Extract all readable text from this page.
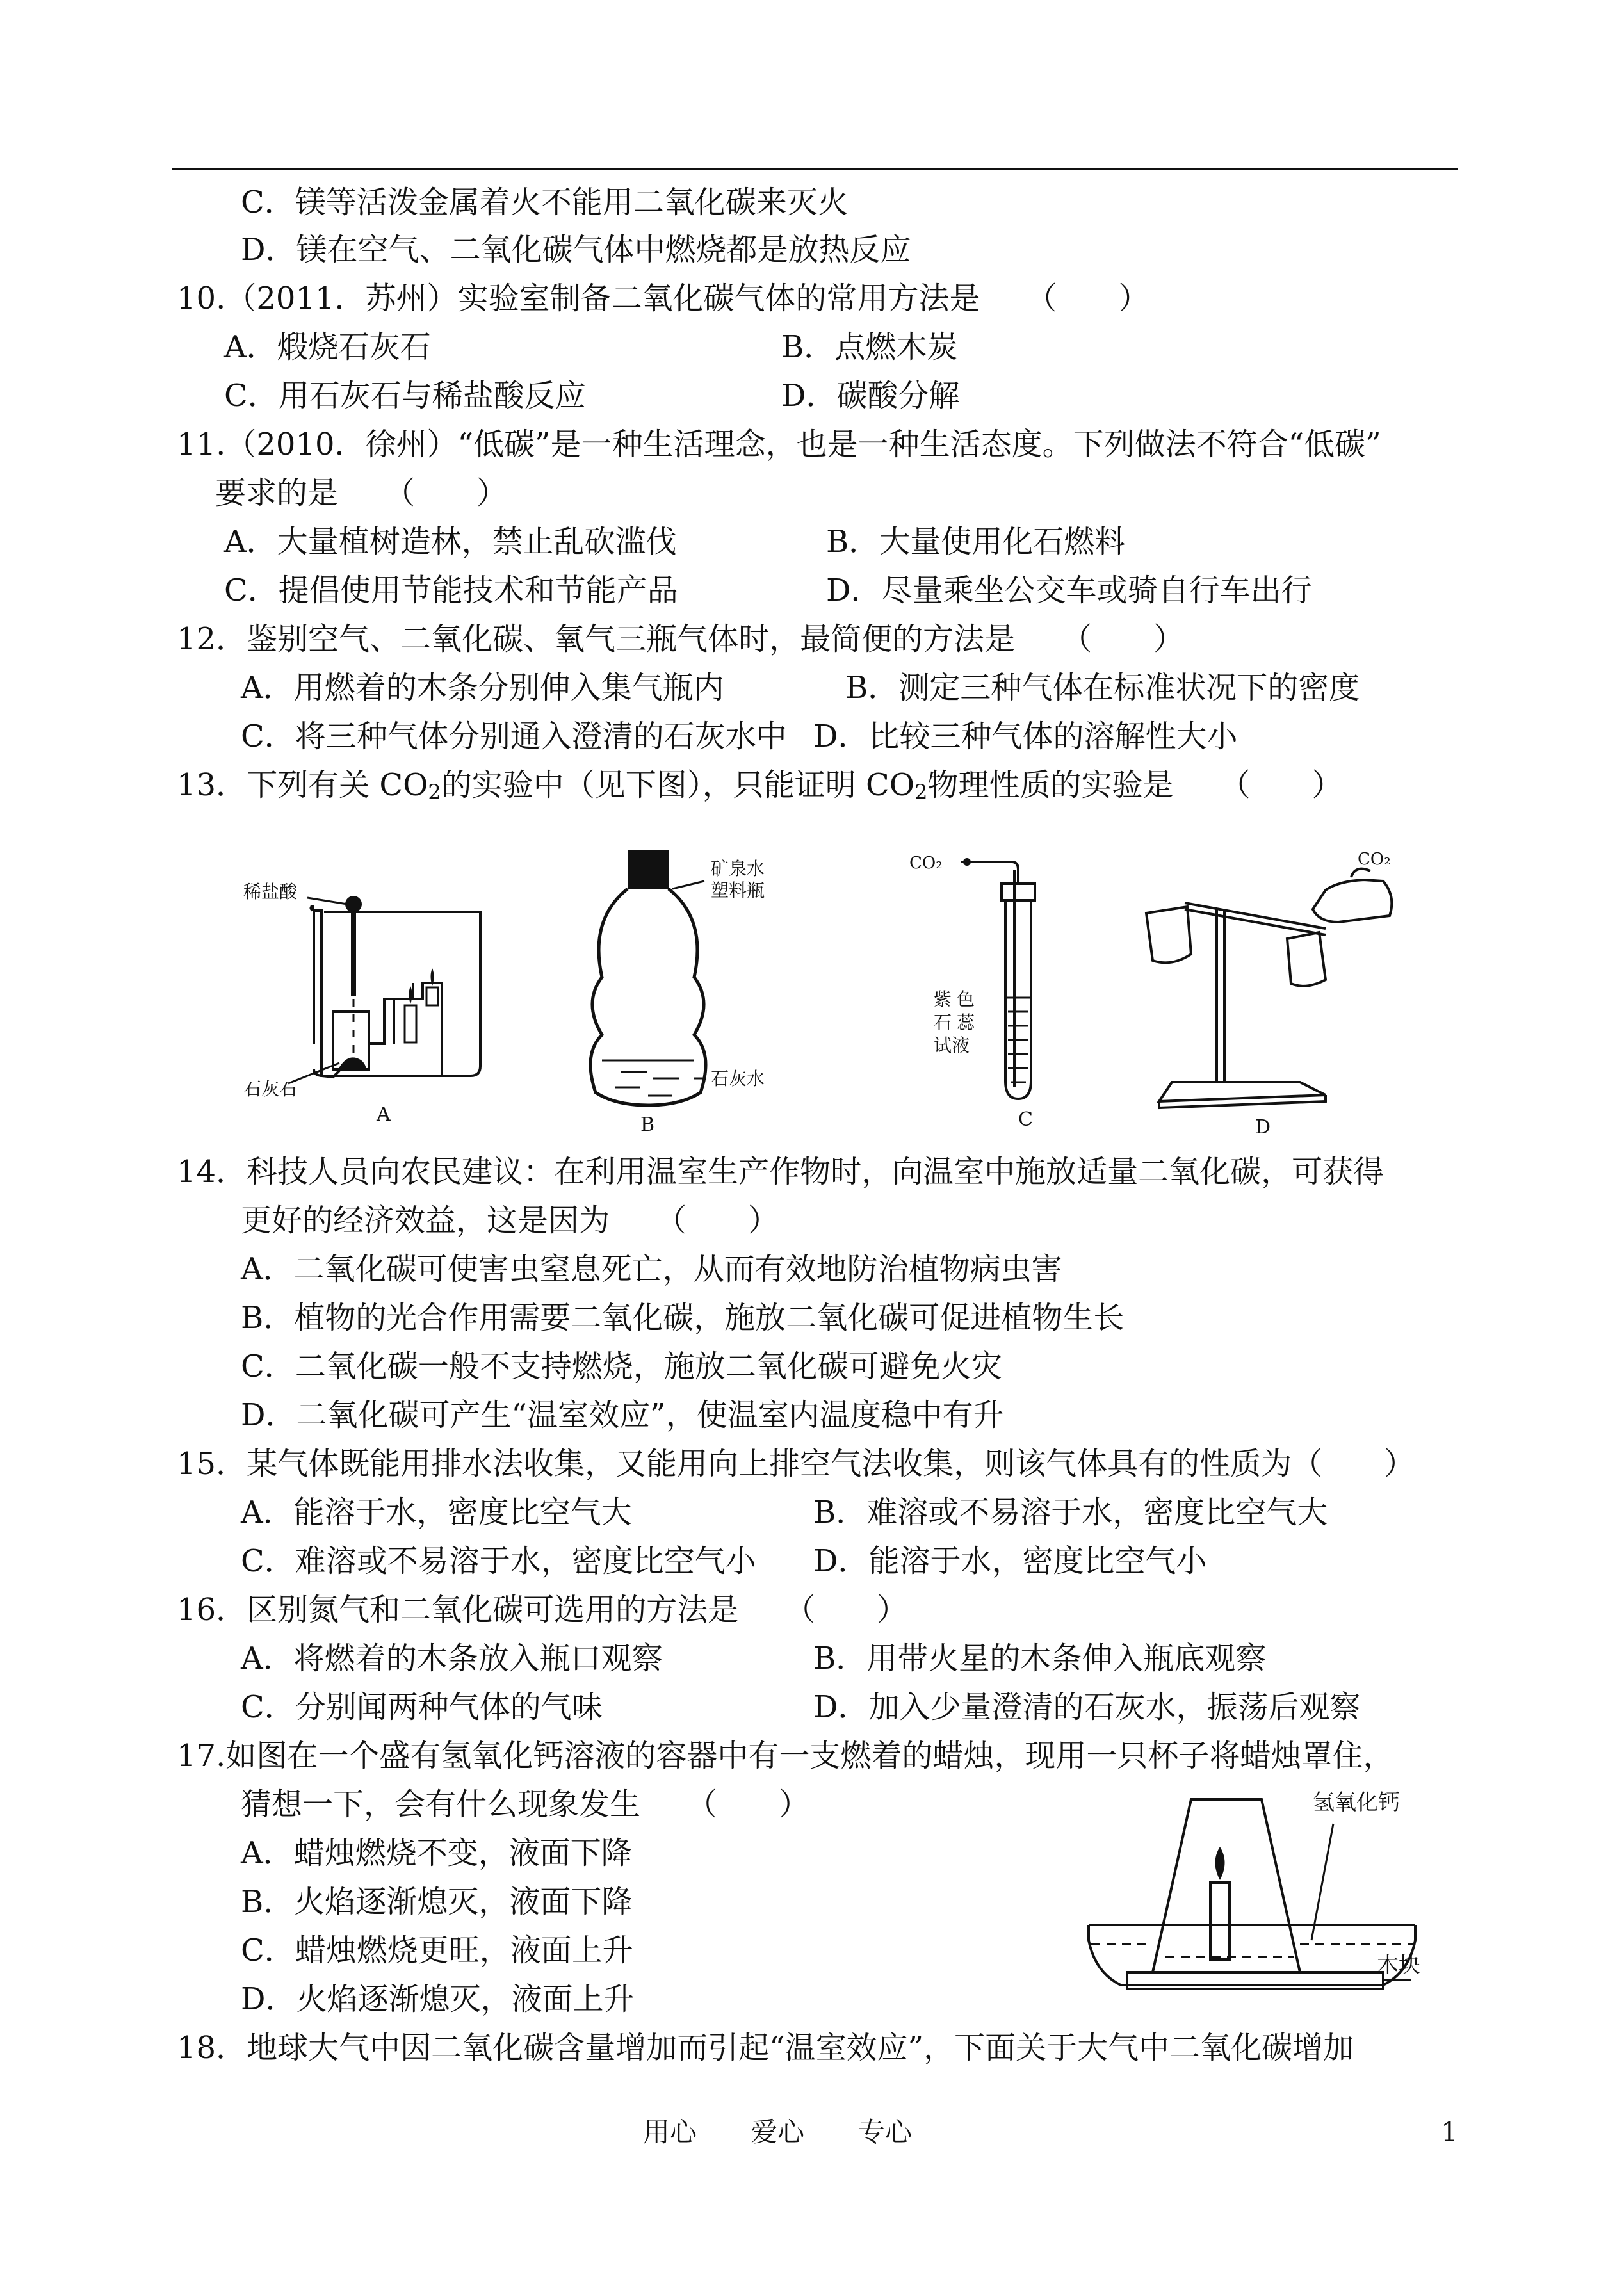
C．镁等活泼金属着火不能用二氧化碳来灭火
D．镁在空气、二氧化碳气体中燃烧都是放热反应
10.（2011．苏州）实验室制备二氧化碳气体的常用方法是　　（　　）
A．煅烧石灰石	B．点燃木炭
C．用石灰石与稀盐酸反应	D．碳酸分解
11.（2010．徐州）“低碳”是一种生活理念，也是一种生活态度。下列做法不符合“低碳”
要求的是　　（　　）
A．大量植树造林，禁止乱砍滥伐	B．大量使用化石燃料
C．提倡使用节能技术和节能产品	D．尽量乘坐公交车或骑自行车出行
12．鉴别空气、二氧化碳、氧气三瓶气体时，最简便的方法是　　（　　）
A．用燃着的木条分别伸入集气瓶内	B．测定三种气体在标准状况下的密度
C．将三种气体分别通入澄清的石灰水中 D．比较三种气体的溶解性大小
13．下列有关 $CO_2$的实验中（见下图），只能证明 $CO_2$物理性质的实验是　　（　　）
稀盐酸
石灰石
A
矿泉水
塑料瓶
石灰水
B
CO₂
紫 色
石 蕊
试液
C
CO₂
D
14．科技人员向农民建议：在利用温室生产作物时，向温室中施放适量二氧化碳，可获得
更好的经济效益，这是因为　　（　　）
A．二氧化碳可使害虫窒息死亡，从而有效地防治植物病虫害
B．植物的光合作用需要二氧化碳，施放二氧化碳可促进植物生长
C．二氧化碳一般不支持燃烧，施放二氧化碳可避免火灾
D．二氧化碳可产生“温室效应”，使温室内温度稳中有升
15．某气体既能用排水法收集，又能用向上排空气法收集，则该气体具有的性质为（　　）
A．能溶于水，密度比空气大	B．难溶或不易溶于水，密度比空气大
C．难溶或不易溶于水，密度比空气小 D．能溶于水，密度比空气小
16．区别氮气和二氧化碳可选用的方法是　　（　　）
A．将燃着的木条放入瓶口观察	B．用带火星的木条伸入瓶底观察
C．分别闻两种气体的气味	D．加入少量澄清的石灰水，振荡后观察
17.如图在一个盛有氢氧化钙溶液的容器中有一支燃着的蜡烛，现用一只杯子将蜡烛罩住，
猜想一下，会有什么现象发生　　（　　）
A．蜡烛燃烧不变，液面下降
B．火焰逐渐熄灭，液面下降
C．蜡烛燃烧更旺，液面上升
D．火焰逐渐熄灭，液面上升
氢氧化钙
木块
18．地球大气中因二氧化碳含量增加而引起“温室效应”，下面关于大气中二氧化碳增加
用心　　爱心　　专心	1
